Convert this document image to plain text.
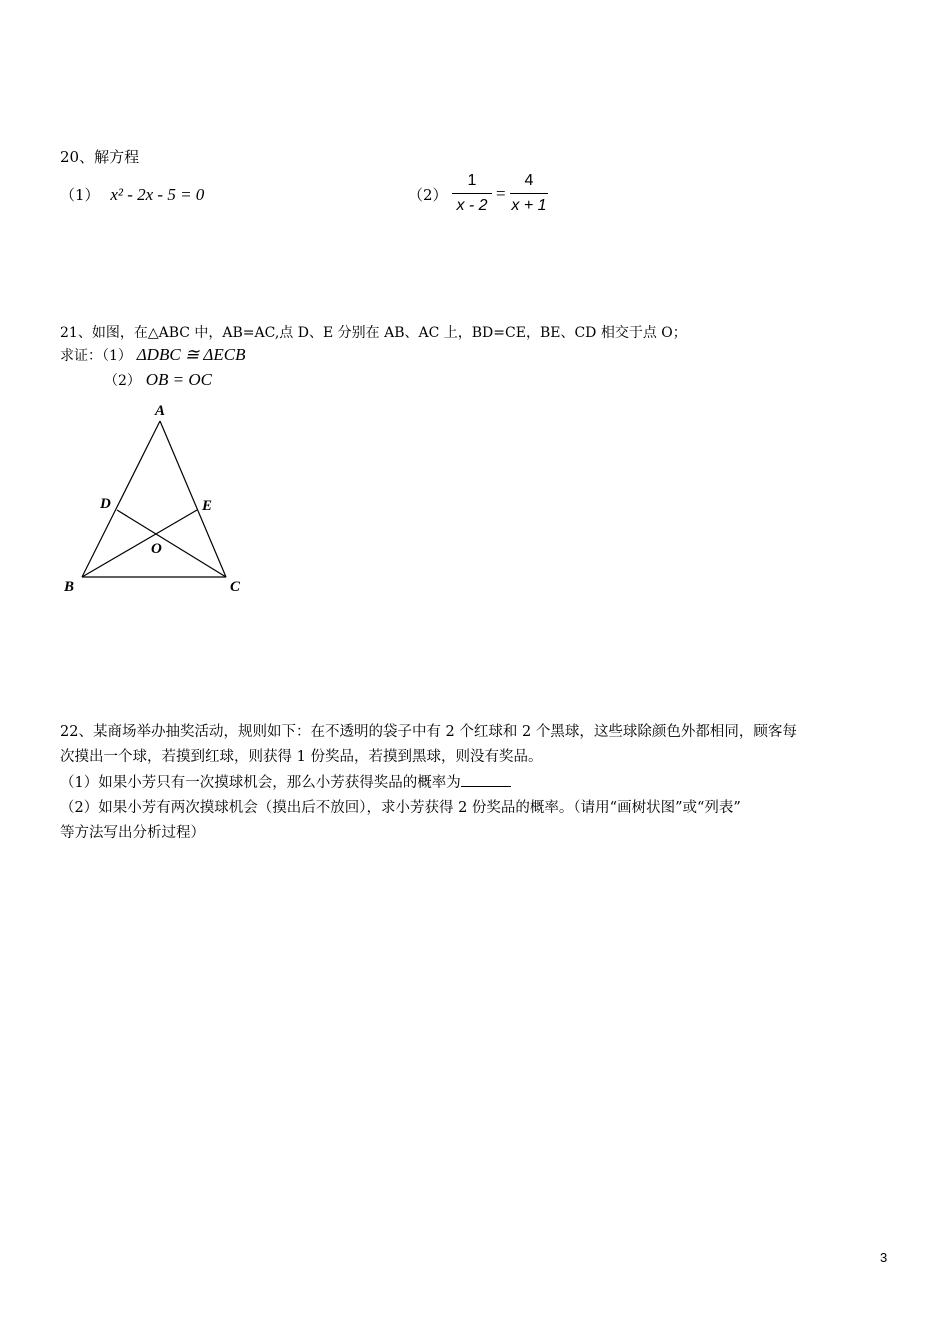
20、解方程
（1） x² - 2x - 5 = 0	（2）
1
x - 2
=
4
x + 1
21、如图，在△ABC 中，AB=AC,点 D、E 分别在 AB、AC 上，BD=CE，BE、CD 相交于点 O；
求证：（1） ΔDBC ≅ ΔECB
（2） OB = OC
A
B	C
D	E
O
22、某商场举办抽奖活动，规则如下：在不透明的袋子中有 2 个红球和 2 个黑球，这些球除颜色外都相同，顾客每
次摸出一个球，若摸到红球，则获得 1 份奖品，若摸到黑球，则没有奖品。
（1）如果小芳只有一次摸球机会，那么小芳获得奖品的概率为
（2）如果小芳有两次摸球机会（摸出后不放回），求小芳获得 2 份奖品的概率。（请用“画树状图”或“列表”
等方法写出分析过程）
3
